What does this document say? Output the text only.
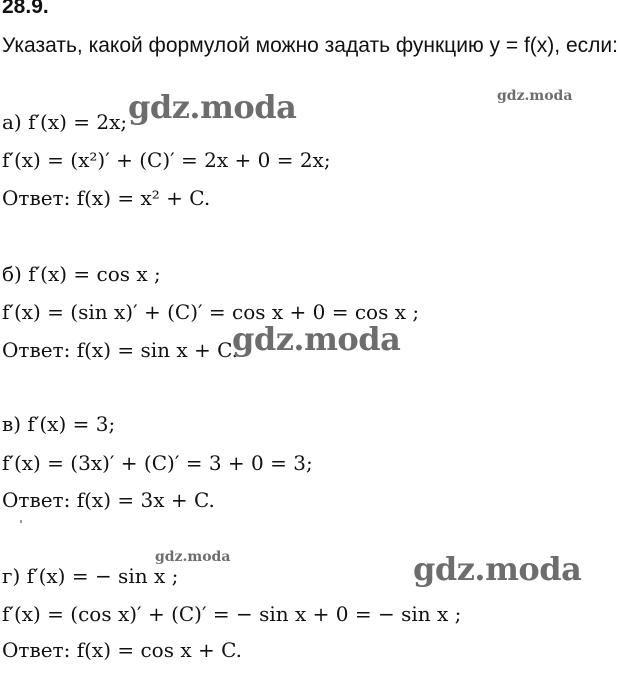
28.9.
Указать, какой формулой можно задать функцию y = f(x), если:
а) f′(x) = 2x;
f′(x) = (x²)′ + (C)′ = 2x + 0 = 2x;
Ответ: f(x) = x² + C.
б) f′(x) = cos x ;
f′(x) = (sin x)′ + (C)′ = cos x + 0 = cos x ;
Ответ: f(x) = sin x + C.
в) f′(x) = 3;
f′(x) = (3x)′ + (C)′ = 3 + 0 = 3;
Ответ: f(x) = 3x + C.
г) f′(x) = − sin x ;
f′(x) = (cos x)′ + (C)′ = − sin x + 0 = − sin x ;
Ответ: f(x) = cos x + C.
gdz.moda	gdz.moda
gdz.moda
gdz.moda	gdz.moda
